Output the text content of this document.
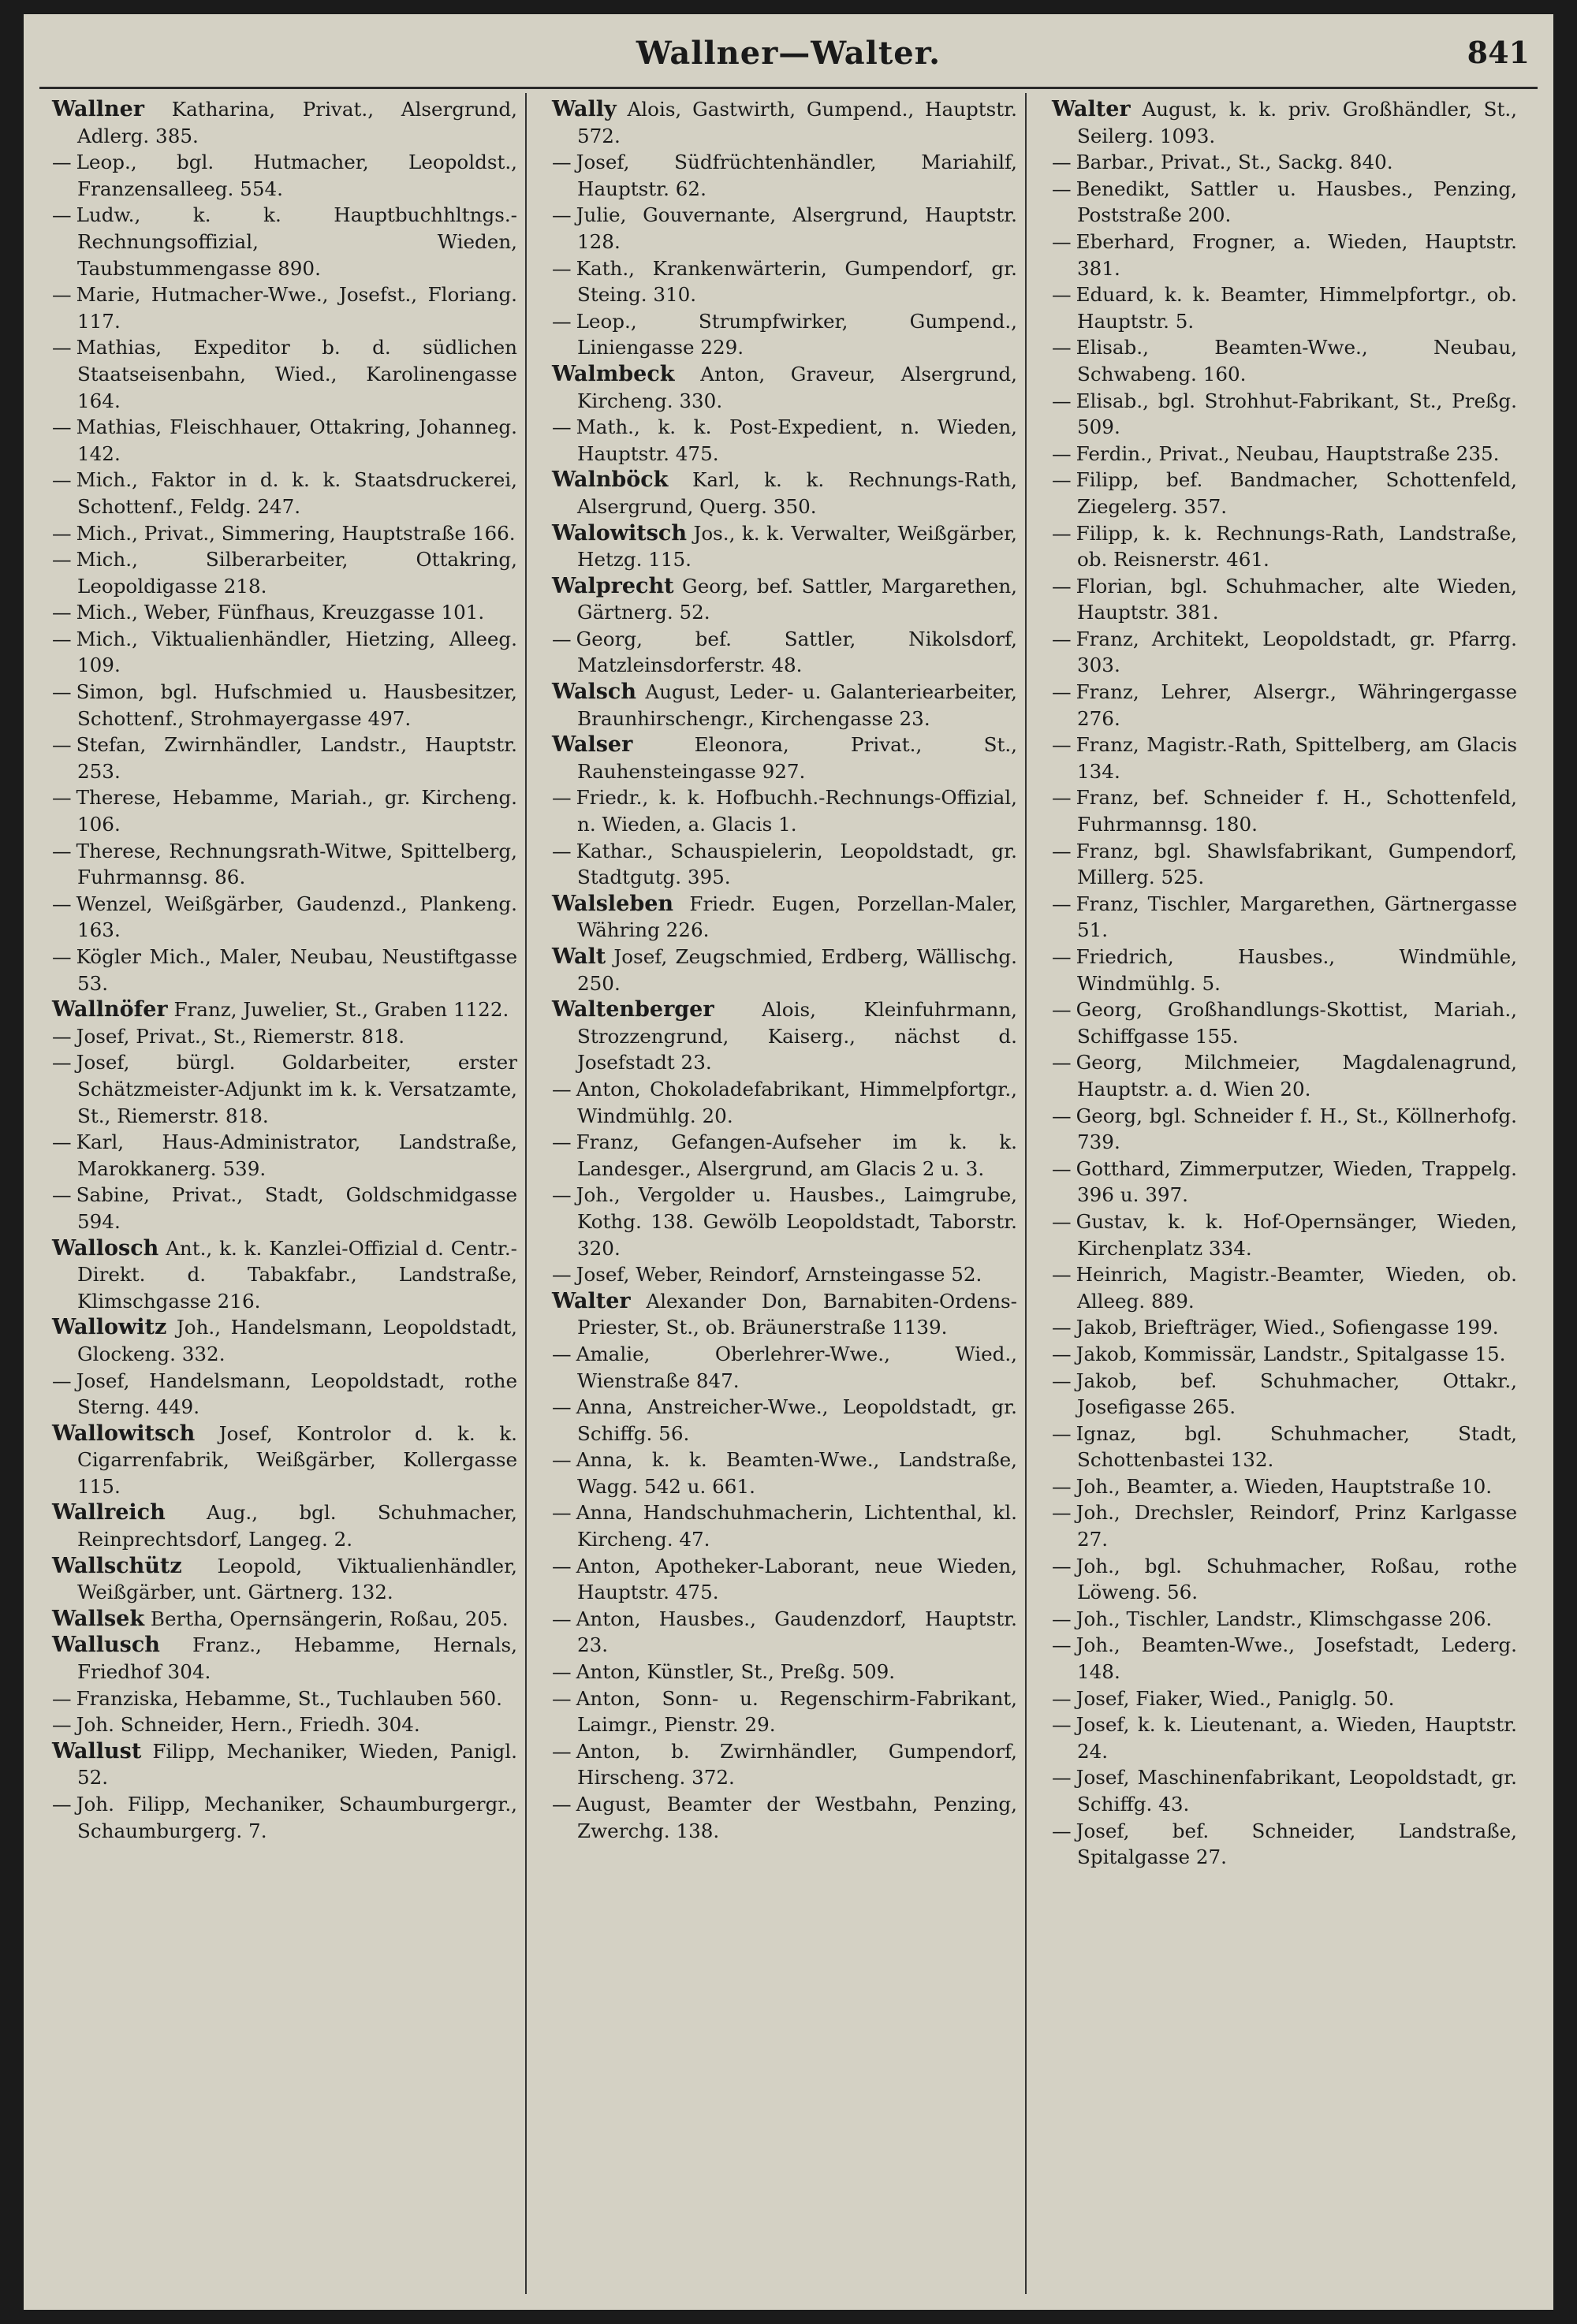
Wallner—Walter.	841
Wallner Katharina, Privat., Alsergrund, Adlerg. 385.
— Leop., bgl. Hutmacher, Leopoldst., Franzensalleeg. 554.
— Ludw., k. k. Hauptbuchhltngs.-Rechnungsoffizial, Wieden, Taubstummengasse 890.
— Marie, Hutmacher-Wwe., Josefst., Floriang. 117.
— Mathias, Expeditor b. d. südlichen Staatseisenbahn, Wied., Karolinengasse 164.
— Mathias, Fleischhauer, Ottakring, Johanneg. 142.
— Mich., Faktor in d. k. k. Staatsdruckerei, Schottenf., Feldg. 247.
— Mich., Privat., Simmering, Hauptstraße 166.
— Mich., Silberarbeiter, Ottakring, Leopoldigasse 218.
— Mich., Weber, Fünfhaus, Kreuzgasse 101.
— Mich., Viktualienhändler, Hietzing, Alleeg. 109.
— Simon, bgl. Hufschmied u. Hausbesitzer, Schottenf., Strohmayergasse 497.
— Stefan, Zwirnhändler, Landstr., Hauptstr. 253.
— Therese, Hebamme, Mariah., gr. Kircheng. 106.
— Therese, Rechnungsrath-Witwe, Spittelberg, Fuhrmannsg. 86.
— Wenzel, Weißgärber, Gaudenzd., Plankeng. 163.
— Kögler Mich., Maler, Neubau, Neustiftgasse 53.
Wallnöfer Franz, Juwelier, St., Graben 1122.
— Josef, Privat., St., Riemerstr. 818.
— Josef, bürgl. Goldarbeiter, erster Schätzmeister-Adjunkt im k. k. Versatzamte, St., Riemerstr. 818.
— Karl, Haus-Administrator, Landstraße, Marokkanerg. 539.
— Sabine, Privat., Stadt, Goldschmidgasse 594.
Wallosch Ant., k. k. Kanzlei-Offizial d. Centr.-Direkt. d. Tabakfabr., Landstraße, Klimschgasse 216.
Wallowitz Joh., Handelsmann, Leopoldstadt, Glockeng. 332.
— Josef, Handelsmann, Leopoldstadt, rothe Sterng. 449.
Wallowitsch Josef, Kontrolor d. k. k. Cigarrenfabrik, Weißgärber, Kollergasse 115.
Wallreich Aug., bgl. Schuhmacher, Reinprechtsdorf, Langeg. 2.
Wallschütz Leopold, Viktualienhändler, Weißgärber, unt. Gärtnerg. 132.
Wallsek Bertha, Opernsängerin, Roßau, 205.
Wallusch Franz., Hebamme, Hernals, Friedhof 304.
— Franziska, Hebamme, St., Tuchlauben 560.
— Joh. Schneider, Hern., Friedh. 304.
Wallust Filipp, Mechaniker, Wieden, Panigl. 52.
— Joh. Filipp, Mechaniker, Schaumburgergr., Schaumburgerg. 7.
Wally Alois, Gastwirth, Gumpend., Hauptstr. 572.
— Josef, Südfrüchtenhändler, Mariahilf, Hauptstr. 62.
— Julie, Gouvernante, Alsergrund, Hauptstr. 128.
— Kath., Krankenwärterin, Gumpendorf, gr. Steing. 310.
— Leop., Strumpfwirker, Gumpend., Liniengasse 229.
Walmbeck Anton, Graveur, Alsergrund, Kircheng. 330.
— Math., k. k. Post-Expedient, n. Wieden, Hauptstr. 475.
Walnböck Karl, k. k. Rechnungs-Rath, Alsergrund, Querg. 350.
Walowitsch Jos., k. k. Verwalter, Weißgärber, Hetzg. 115.
Walprecht Georg, bef. Sattler, Margarethen, Gärtnerg. 52.
— Georg, bef. Sattler, Nikolsdorf, Matzleinsdorferstr. 48.
Walsch August, Leder- u. Galanteriearbeiter, Braunhirschengr., Kirchengasse 23.
Walser	Eleonora, Privat., St., Rauhensteingasse 927.
— Friedr., k. k. Hofbuchh.-Rechnungs-Offizial, n. Wieden, a. Glacis 1.
— Kathar., Schauspielerin, Leopoldstadt, gr. Stadtgutg. 395.
Walsleben Friedr. Eugen, Porzellan-Maler, Währing 226.
Walt Josef, Zeugschmied, Erdberg, Wällischg. 250.
Waltenberger Alois, Kleinfuhrmann, Strozzengrund, Kaiserg., nächst d. Josefstadt 23.
— Anton, Chokoladefabrikant, Himmelpfortgr., Windmühlg. 20.
— Franz, Gefangen-Aufseher im k. k. Landesger., Alsergrund, am Glacis 2 u. 3.
— Joh., Vergolder u. Hausbes., Laimgrube, Kothg. 138. Gewölb Leopoldstadt, Taborstr. 320.
— Josef, Weber, Reindorf, Arnsteingasse 52.
Walter Alexander Don, Barnabiten-Ordens-Priester, St., ob. Bräunerstraße 1139.
— Amalie, Oberlehrer-Wwe., Wied., Wienstraße 847.
— Anna, Anstreicher-Wwe., Leopoldstadt, gr. Schiffg. 56.
— Anna, k. k. Beamten-Wwe., Landstraße, Wagg. 542 u. 661.
— Anna, Handschuhmacherin, Lichtenthal, kl. Kircheng. 47.
— Anton, Apotheker-Laborant, neue Wieden, Hauptstr. 475.
— Anton, Hausbes., Gaudenzdorf, Hauptstr. 23.
— Anton, Künstler, St., Preßg. 509.
— Anton, Sonn- u. Regenschirm-Fabrikant, Laimgr., Pienstr. 29.
— Anton, b. Zwirnhändler, Gumpendorf, Hirscheng. 372.
— August, Beamter der Westbahn, Penzing, Zwerchg. 138.
Walter August, k. k. priv. Großhändler, St., Seilerg. 1093.
— Barbar., Privat., St., Sackg. 840.
— Benedikt, Sattler u. Hausbes., Penzing, Poststraße 200.
— Eberhard, Frogner, a. Wieden, Hauptstr. 381.
— Eduard, k. k. Beamter, Himmelpfortgr., ob. Hauptstr. 5.
— Elisab., Beamten-Wwe., Neubau, Schwabeng. 160.
— Elisab., bgl. Strohhut-Fabrikant, St., Preßg. 509.
— Ferdin., Privat., Neubau, Hauptstraße 235.
— Filipp, bef. Bandmacher, Schottenfeld, Ziegelerg. 357.
— Filipp, k. k. Rechnungs-Rath, Landstraße, ob. Reisnerstr. 461.
— Florian, bgl. Schuhmacher, alte Wieden, Hauptstr. 381.
— Franz, Architekt, Leopoldstadt, gr. Pfarrg. 303.
— Franz, Lehrer, Alsergr., Währingergasse 276.
— Franz, Magistr.-Rath, Spittelberg, am Glacis 134.
— Franz, bef. Schneider f. H., Schottenfeld, Fuhrmannsg. 180.
— Franz, bgl. Shawlsfabrikant, Gumpendorf, Millerg. 525.
— Franz, Tischler, Margarethen, Gärtnergasse 51.
— Friedrich, Hausbes., Windmühle, Windmühlg. 5.
— Georg, Großhandlungs-Skottist, Mariah., Schiffgasse 155.
— Georg, Milchmeier, Magdalenagrund, Hauptstr. a. d. Wien 20.
— Georg, bgl. Schneider f. H., St., Köllnerhofg. 739.
— Gotthard, Zimmerputzer, Wieden, Trappelg. 396 u. 397.
— Gustav, k. k. Hof-Opernsänger, Wieden, Kirchenplatz 334.
— Heinrich, Magistr.-Beamter, Wieden, ob. Alleeg. 889.
— Jakob, Briefträger, Wied., Sofiengasse 199.
— Jakob, Kommissär, Landstr., Spitalgasse 15.
— Jakob, bef. Schuhmacher, Ottakr., Josefigasse 265.
— Ignaz, bgl. Schuhmacher, Stadt, Schottenbastei 132.
— Joh., Beamter, a. Wieden, Hauptstraße 10.
— Joh., Drechsler, Reindorf, Prinz Karlgasse 27.
— Joh., bgl. Schuhmacher, Roßau, rothe Löweng. 56.
— Joh., Tischler, Landstr., Klimschgasse 206.
— Joh., Beamten-Wwe., Josefstadt, Lederg. 148.
— Josef, Fiaker, Wied., Paniglg. 50.
— Josef, k. k. Lieutenant, a. Wieden, Hauptstr. 24.
— Josef, Maschinenfabrikant, Leopoldstadt, gr. Schiffg. 43.
— Josef, bef. Schneider, Landstraße, Spitalgasse 27.
